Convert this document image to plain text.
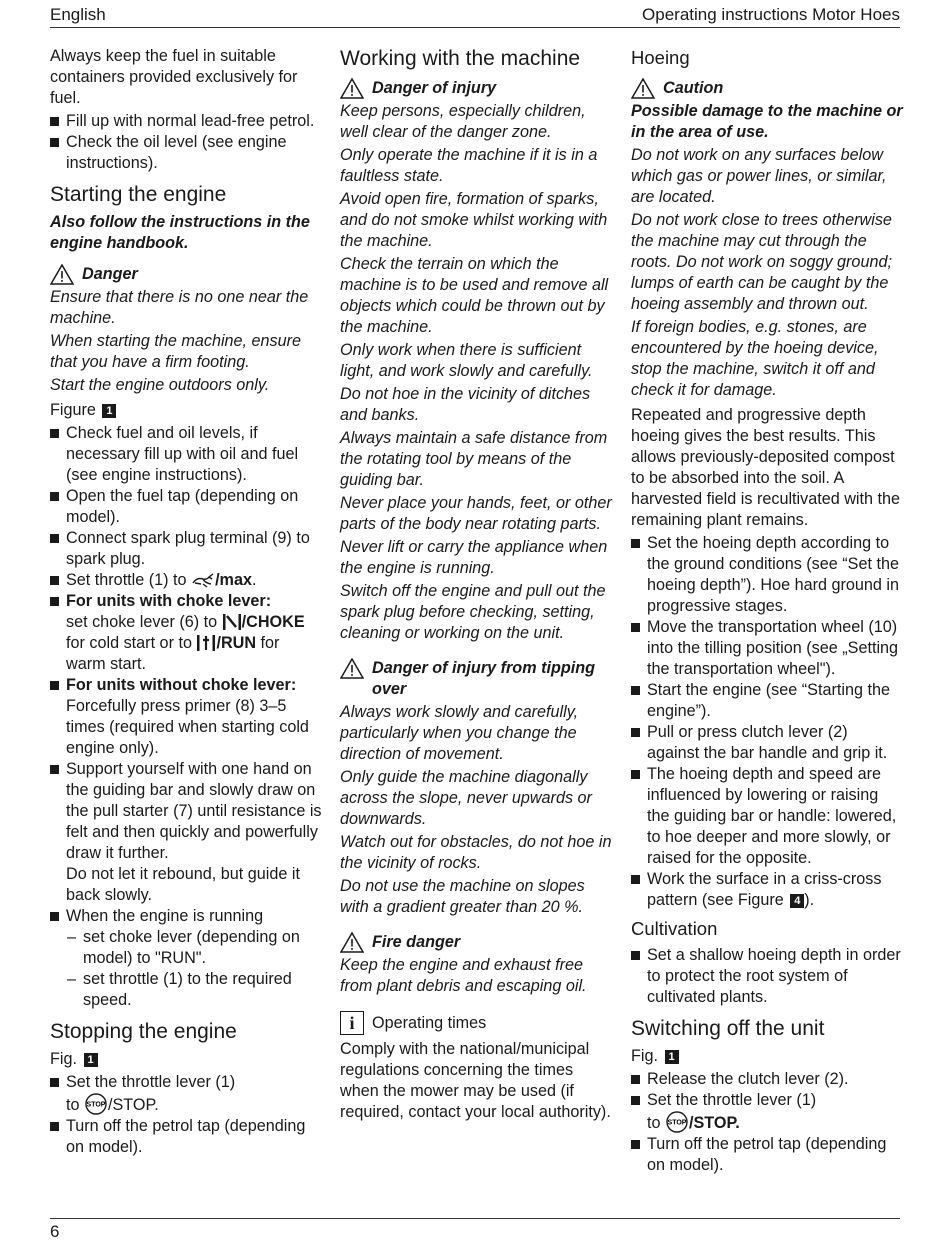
English	Operating instructions Motor Hoes

Always keep the fuel in suitable containers provided exclusively for fuel.

Fill up with normal lead-free petrol.
Check the oil level (see engine instructions).
Starting the engine

Also follow the instructions in the engine handbook.

Danger

Ensure that there is no one near the machine.

When starting the machine, ensure that you have a firm footing.

Start the engine outdoors only.

Figure 1

Check fuel and oil levels, if necessary fill up with oil and fuel (see engine instructions).
Open the fuel tap (depending on model).
Connect spark plug terminal (9) to spark plug.
Set throttle (1) to /max.
For units with choke lever:
set choke lever (6) to /CHOKE for cold start or to /RUN for warm start.
For units without choke lever:
Forcefully press primer (8) 3–5 times (required when starting cold engine only).
Support yourself with one hand on the guiding bar and slowly draw on the pull starter (7) until resistance is felt and then quickly and powerfully draw it further.
Do not let it rebound, but guide it back slowly.
When the engine is running
– set choke lever (depending on model) to "RUN".
– set throttle (1) to the required speed.
Stopping the engine

Fig. 1

Set the throttle lever (1)
to STOP /STOP.
Turn off the petrol tap (depending on model).
Working with the machine
Danger of injury

Keep persons, especially children, well clear of the danger zone.

Only operate the machine if it is in a faultless state.

Avoid open fire, formation of sparks, and do not smoke whilst working with the machine.

Check the terrain on which the machine is to be used and remove all objects which could be thrown out by the machine.

Only work when there is sufficient light, and work slowly and carefully.

Do not hoe in the vicinity of ditches and banks.

Always maintain a safe distance from the rotating tool by means of the guiding bar.

Never place your hands, feet, or other parts of the body near rotating parts.

Never lift or carry the appliance when the engine is running.

Switch off the engine and pull out the spark plug before checking, setting, cleaning or working on the unit.

Danger of injury from tipping over

Always work slowly and carefully, particularly when you change the direction of movement.

Only guide the machine diagonally across the slope, never upwards or downwards.

Watch out for obstacles, do not hoe in the vicinity of rocks.

Do not use the machine on slopes with a gradient greater than 20 %.

Fire danger

Keep the engine and exhaust free from plant debris and escaping oil.

i	Operating times

Comply with the national/municipal regulations concerning the times when the mower may be used (if required, contact your local authority).

Hoeing
Caution

Possible damage to the machine or in the area of use.

Do not work on any surfaces below which gas or power lines, or similar, are located.

Do not work close to trees otherwise the machine may cut through the roots. Do not work on soggy ground; lumps of earth can be caught by the hoeing assembly and thrown out.

If foreign bodies, e.g. stones, are encountered by the hoeing device, stop the machine, switch it off and check it for damage.

Repeated and progressive depth hoeing gives the best results. This allows previously-deposited compost to be absorbed into the soil. A harvested field is recultivated with the remaining plant remains.

Set the hoeing depth according to the ground conditions (see “Set the hoeing depth”). Hoe hard ground in progressive stages.
Move the transportation wheel (10) into the tilling position (see „Setting the transportation wheel").
Start the engine (see “Starting the engine”).
Pull or press clutch lever (2) against the bar handle and grip it.
The hoeing depth and speed are influenced by lowering or raising the guiding bar or handle: lowered, to hoe deeper and more slowly, or raised for the opposite.
Work the surface in a criss-cross pattern (see Figure 4 ).
Cultivation
Set a shallow hoeing depth in order to protect the root system of cultivated plants.
Switching off the unit

Fig. 1

Release the clutch lever (2).
Set the throttle lever (1)
to STOP /STOP.
Turn off the petrol tap (depending on model).
6
